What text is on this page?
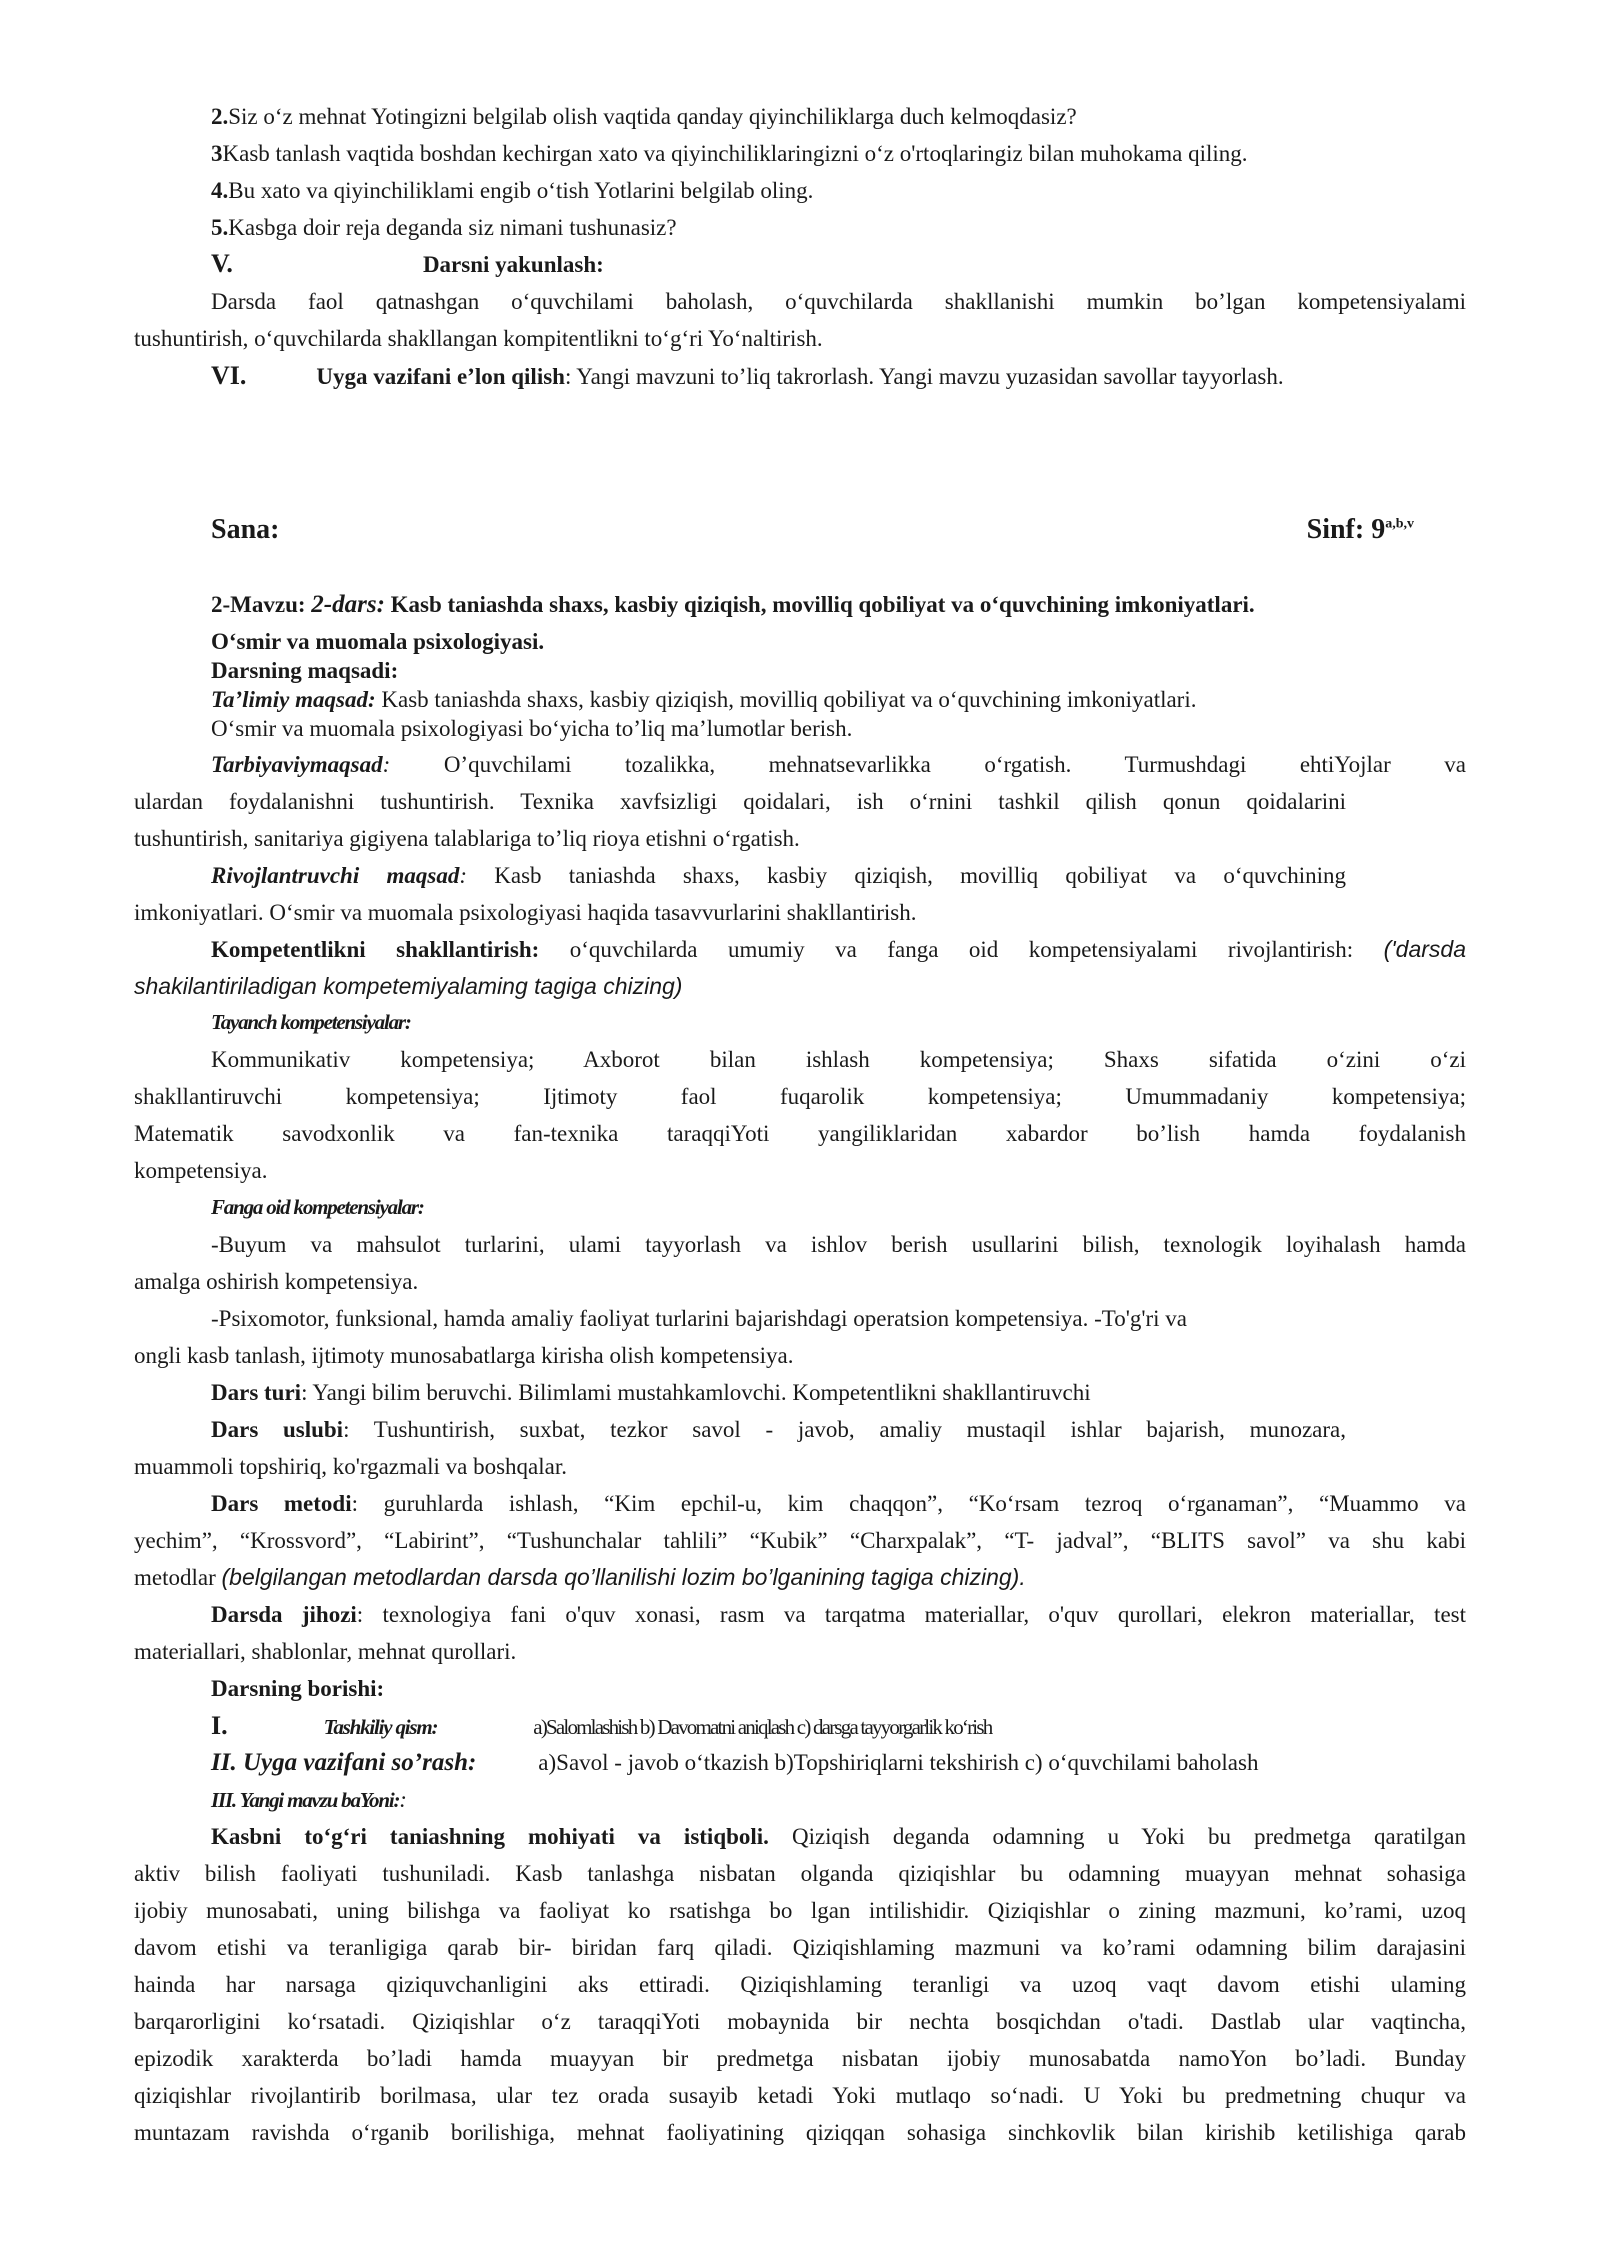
2.Siz o‘z mehnat Yotingizni belgilab olish vaqtida qanday qiyinchiliklarga duch kelmoqdasiz?
3Kasb tanlash vaqtida boshdan kechirgan xato va qiyinchiliklaringizni o‘z o'rtoqlaringiz bilan muhokama qiling.
4.Bu xato va qiyinchiliklami engib o‘tish Yotlarini belgilab oling.
5.Kasbga doir reja deganda siz nimani tushunasiz?
V.	Darsni yakunlash:
Darsda faol qatnashgan o‘quvchilami baholash, o‘quvchilarda shakllanishi mumkin bo’lgan kompetensiyalami
tushuntirish, o‘quvchilarda shakllangan kompitentlikni to‘g‘ri Yo‘naltirish.
VI.	Uyga vazifani e’lon qilish: Yangi mavzuni to’liq takrorlash. Yangi mavzu yuzasidan savollar tayyorlash.
Sana:	Sinf: 9$^{a,b,v}$
2-Mavzu: 2-dars: Kasb taniashda shaxs, kasbiy qiziqish, movilliq qobiliyat va o‘quvchining imkoniyatlari.
O‘smir va muomala psixologiyasi.
Darsning maqsadi:
Ta’limiy maqsad: Kasb taniashda shaxs, kasbiy qiziqish, movilliq qobiliyat va o‘quvchining imkoniyatlari.
O‘smir va muomala psixologiyasi bo‘yicha to’liq ma’lumotlar berish.
Tarbiyaviymaqsad: O’quvchilami tozalikka, mehnatsevarlikka o‘rgatish. Turmushdagi ehtiYojlar va
ulardan foydalanishni tushuntirish. Texnika xavfsizligi qoidalari, ish o‘rnini tashkil qilish qonun qoidalarini
tushuntirish, sanitariya gigiyena talablariga to’liq rioya etishni o‘rgatish.
Rivojlantruvchi maqsad: Kasb taniashda shaxs, kasbiy qiziqish, movilliq qobiliyat va o‘quvchining
imkoniyatlari. O‘smir va muomala psixologiyasi haqida tasavvurlarini shakllantirish.
Kompetentlikni shakllantirish: o‘quvchilarda umumiy va fanga oid kompetensiyalami rivojlantirish: ('darsda
shakilantiriladigan kompetemiyalaming tagiga chizing)
Tayanch kompetensiyalar:
Kommunikativ kompetensiya; Axborot bilan ishlash kompetensiya; Shaxs sifatida o‘zini o‘zi
shakllantiruvchi kompetensiya; Ijtimoty faol fuqarolik kompetensiya; Umummadaniy kompetensiya;
Matematik savodxonlik va fan-texnika taraqqiYoti yangiliklaridan xabardor bo’lish hamda foydalanish
kompetensiya.
Fanga oid kompetensiyalar:
-Buyum va mahsulot turlarini, ulami tayyorlash va ishlov berish usullarini bilish, texnologik loyihalash hamda
amalga oshirish kompetensiya.
-Psixomotor, funksional, hamda amaliy faoliyat turlarini bajarishdagi operatsion kompetensiya. -To'g'ri va
ongli kasb tanlash, ijtimoty munosabatlarga kirisha olish kompetensiya.
Dars turi: Yangi bilim beruvchi. Bilimlami mustahkamlovchi. Kompetentlikni shakllantiruvchi
Dars uslubi: Tushuntirish, suxbat, tezkor savol - javob, amaliy mustaqil ishlar bajarish, munozara,
muammoli topshiriq, ko'rgazmali va boshqalar.
Dars metodi: guruhlarda ishlash, “Kim epchil-u, kim chaqqon”, “Ko‘rsam tezroq o‘rganaman”, “Muammo va
yechim”, “Krossvord”, “Labirint”, “Tushunchalar tahlili” “Kubik” “Charxpalak”, “T- jadval”, “BLITS savol” va shu kabi
metodlar (belgilangan metodlardan darsda qo’llanilishi lozim bo’lganining tagiga chizing).
Darsda jihozi: texnologiya fani o'quv xonasi, rasm va tarqatma materiallar, o'quv qurollari, elekron materiallar, test
materiallari, shablonlar, mehnat qurollari.
Darsning borishi:
I.	Tashkiliy qism:	a)Salomlashish b) Davomatni aniqlash c) darsga tayyorgarlik ko‘rish
II. Uyga vazifani so’rash:	a)Savol - javob o‘tkazish b)Topshiriqlarni tekshirish c) o‘quvchilami baholash
III. Yangi mavzu baYoni::
Kasbni to‘g‘ri taniashning mohiyati va istiqboli. Qiziqish deganda odamning u Yoki bu predmetga qaratilgan
aktiv bilish faoliyati tushuniladi. Kasb tanlashga nisbatan olganda qiziqishlar bu odamning muayyan mehnat sohasiga
ijobiy munosabati, uning bilishga va faoliyat ko rsatishga bo lgan intilishidir. Qiziqishlar o zining mazmuni, ko’rami, uzoq
davom etishi va teranligiga qarab bir- biridan farq qiladi. Qiziqishlaming mazmuni va ko’rami odamning bilim darajasini
hainda har narsaga qiziquvchanligini aks ettiradi. Qiziqishlaming teranligi va uzoq vaqt davom etishi ulaming
barqarorligini ko‘rsatadi. Qiziqishlar o‘z taraqqiYoti mobaynida bir nechta bosqichdan o'tadi. Dastlab ular vaqtincha,
epizodik xarakterda bo’ladi hamda muayyan bir predmetga nisbatan ijobiy munosabatda namoYon bo’ladi. Bunday
qiziqishlar rivojlantirib borilmasa, ular tez orada susayib ketadi Yoki mutlaqo so‘nadi. U Yoki bu predmetning chuqur va
muntazam ravishda o‘rganib borilishiga, mehnat faoliyatining qiziqqan sohasiga sinchkovlik bilan kirishib ketilishiga qarab
